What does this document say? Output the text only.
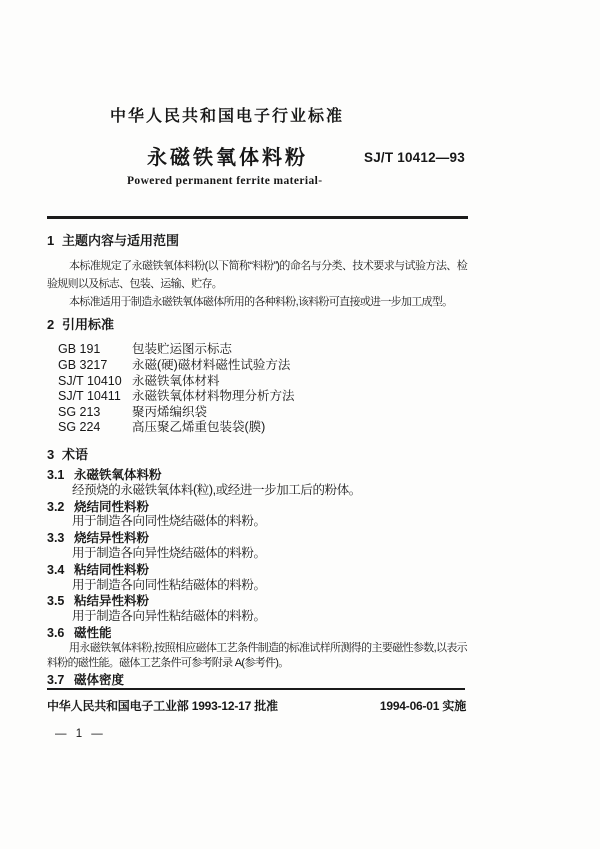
中华人民共和国电子行业标准
永磁铁氧体料粉	SJ/T 10412—93
Powered permanent ferrite material-
1 主题内容与适用范围

本标准规定了永磁铁氧体料粉(以下简称“料粉”)的命名与分类、技术要求与试验方法、检验规则以及标志、包装、运输、贮存。

本标准适用于制造永磁铁氧体磁体所用的各种料粉,该料粉可直接或进一步加工成型。

2 引用标准
GB 191	包装贮运图示标志
GB 3217 永磁(硬)磁材料磁性试验方法
SJ/T 10410 永磁铁氧体材料
SJ/T 10411 永磁铁氧体材料物理分析方法
SG 213	聚丙烯编织袋
SG 224	高压聚乙烯重包装袋(膜)
3 术语
3.1 永磁铁氧体料粉

经预烧的永磁铁氧体料(粒),或经进一步加工后的粉体。

3.2 烧结同性料粉

用于制造各向同性烧结磁体的料粉。

3.3 烧结异性料粉

用于制造各向异性烧结磁体的料粉。

3.4 粘结同性料粉

用于制造各向同性粘结磁体的料粉。

3.5 粘结异性料粉

用于制造各向异性粘结磁体的料粉。

3.6 磁性能

用永磁铁氧体料粉,按照相应磁体工艺条件制造的标准试样所测得的主要磁性参数,以表示料粉的磁性能。磁体工艺条件可参考附录 A(参考件)。

3.7 磁体密度
中华人民共和国电子工业部 1993-12-17 批准	1994-06-01 实施
— 1 —
